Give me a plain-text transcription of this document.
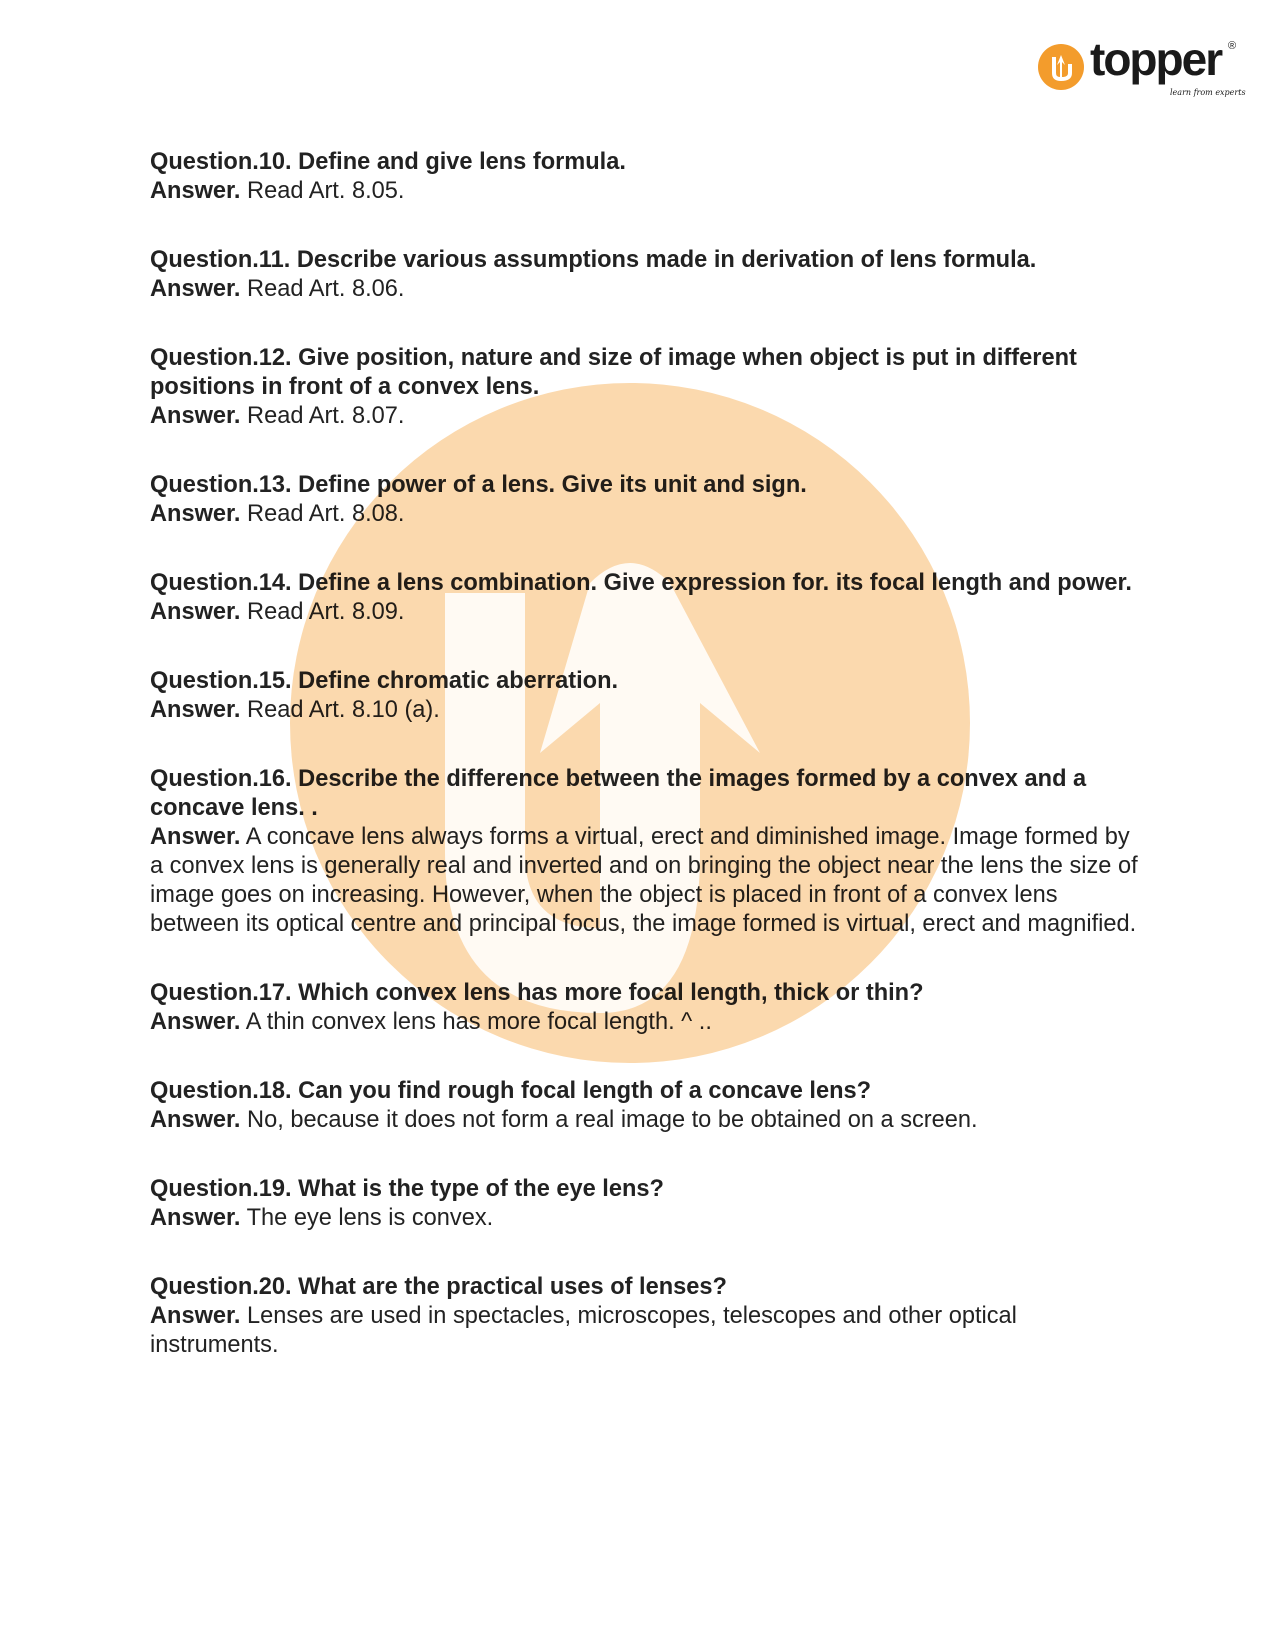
topper ®
learn from experts
Question.10. Define and give lens formula.
Answer. Read Art. 8.05.
Question.11. Describe various assumptions made in derivation of lens formula.
Answer. Read Art. 8.06.
Question.12. Give position, nature and size of image when object is put in different positions in front of a convex lens.
Answer. Read Art. 8.07.
Question.13. Define power of a lens. Give its unit and sign.
Answer. Read Art. 8.08.
Question.14. Define a lens combination. Give expression for. its focal length and power.
Answer. Read Art. 8.09.
Question.15. Define chromatic aberration.
Answer. Read Art. 8.10 (a).
Question.16. Describe the difference between the images formed by a convex and a concave lens. .
Answer. A concave lens always forms a virtual, erect and diminished image. Image formed by a convex lens is generally real and inverted and on bringing the object near the lens the size of image goes on increasing. However, when the object is placed in front of a convex lens between its optical centre and principal focus, the image formed is virtual, erect and magnified.
Question.17. Which convex lens has more focal length, thick or thin?
Answer. A thin convex lens has more focal length. ^ ..
Question.18. Can you find rough focal length of a concave lens?
Answer. No, because it does not form a real image to be obtained on a screen.
Question.19. What is the type of the eye lens?
Answer. The eye lens is convex.
Question.20. What are the practical uses of lenses?
Answer. Lenses are used in spectacles, microscopes, telescopes and other optical instruments.
